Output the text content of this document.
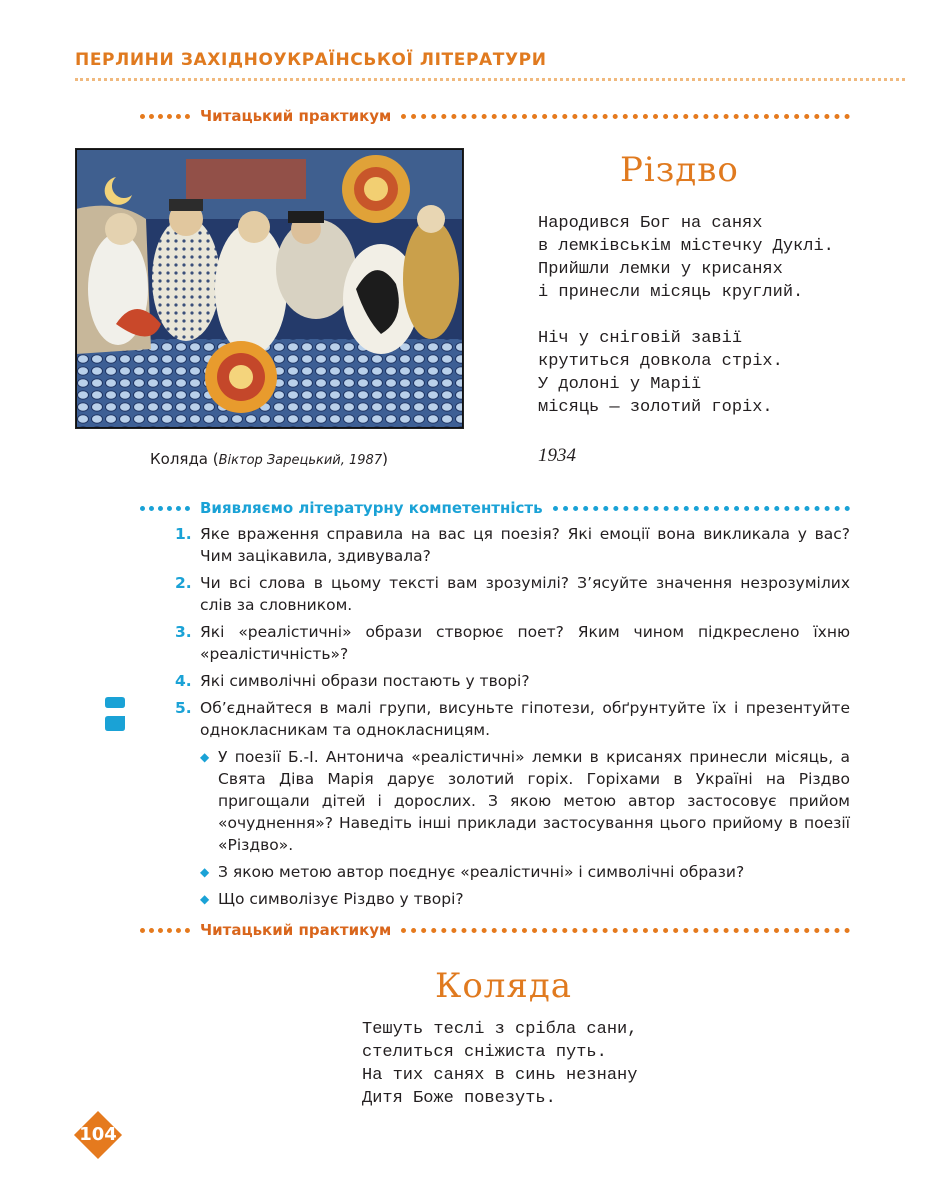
ПЕРЛИНИ ЗАХІДНОУКРАЇНСЬКОЇ ЛІТЕРАТУРИ
Читацький практикум
Коляда (Віктор Зарецький, 1987)
Різдво
Народився Бог на санях
в лемківськім містечку Дуклі.
Прийшли лемки у крисанях
і принесли місяць круглий.
Ніч у сніговій завії
крутиться довкола стріх.
У долоні у Марії
місяць — золотий горіх.
1934
Виявляємо літературну компетентність
1. Яке враження справила на вас ця поезія? Які емоції вона викликала у вас? Чим зацікавила, здивувала?
2. Чи всі слова в цьому тексті вам зрозумілі? З’ясуйте значення незрозумілих слів за словником.
3. Які «реалістичні» образи створює поет? Яким чином підкреслено їхню «реалістичність»?
4. Які символічні образи постають у творі?
5. Об’єднайтеся в малі групи, висуньте гіпотези, обґрунтуйте їх і презентуйте однокласникам та однокласницям.
◆ У поезії Б.-І. Антонича «реалістичні» лемки в крисанях принесли місяць, а Свята Діва Марія дарує золотий горіх. Горіхами в Україні на Різдво пригощали дітей і дорослих. З якою метою автор застосовує прийом «очуднення»? Наведіть інші приклади застосування цього прийому в поезії «Різдво».
◆ З якою метою автор поєднує «реалістичні» і символічні образи?
◆ Що символізує Різдво у творі?
Читацький практикум
Коляда
Тешуть теслі з срібла сани,
стелиться сніжиста путь.
На тих санях в синь незнану
Дитя Боже повезуть.
104
